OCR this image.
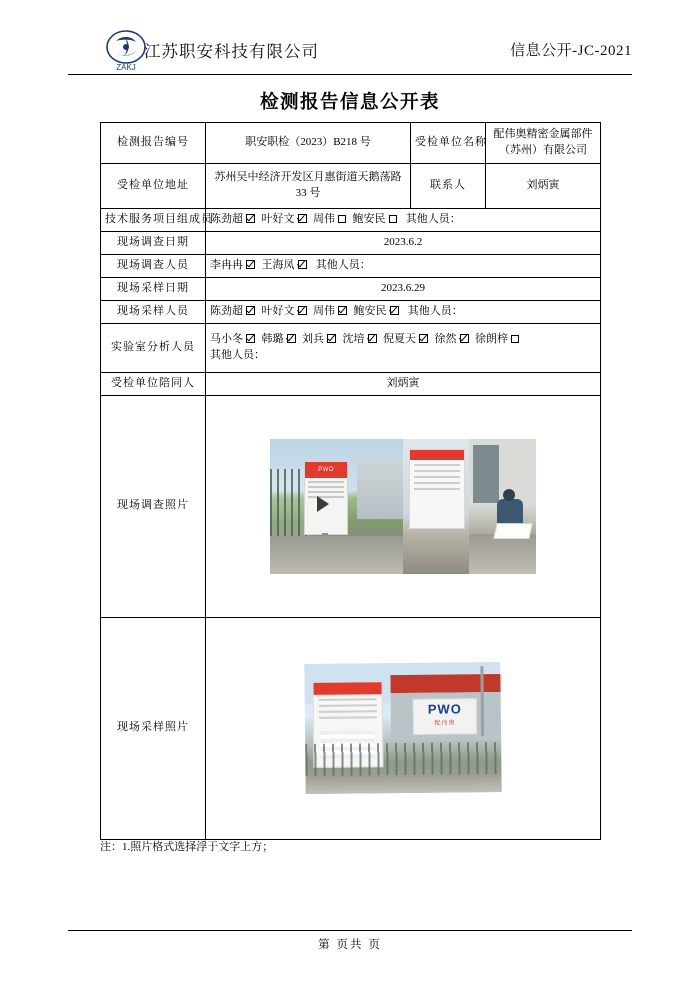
ZAKJ
江苏职安科技有限公司	信息公开-JC-2021
检测报告信息公开表
检测报告编号	职安职检（2023）B218 号	受检单位名称	配伟奥精密金属部件（苏州）有限公司
受检单位地址	苏州吴中经济开发区月惠街道天鹅荡路 33 号	联系人	刘炳寅
技术服务项目组成员	陈劲超 叶好文 周伟 鲍安民 其他人员：		
现场调查日期	2023.6.2		
现场调查人员	李冉冉 王海凤 其他人员：		
现场采样日期	2023.6.29		
现场采样人员	陈劲超 叶好文 周伟 鲍安民 其他人员：		
实验室分析人员	马小冬 韩璐 刘兵 沈培 倪夏天 徐然 徐朗梓
其他人员：		

受检单位陪同人	刘炳寅		
现场调查照片	PWO		

现场采样照片	PWO
配伟奥		
注：1.照片格式选择浮于文字上方；
第 页共 页
